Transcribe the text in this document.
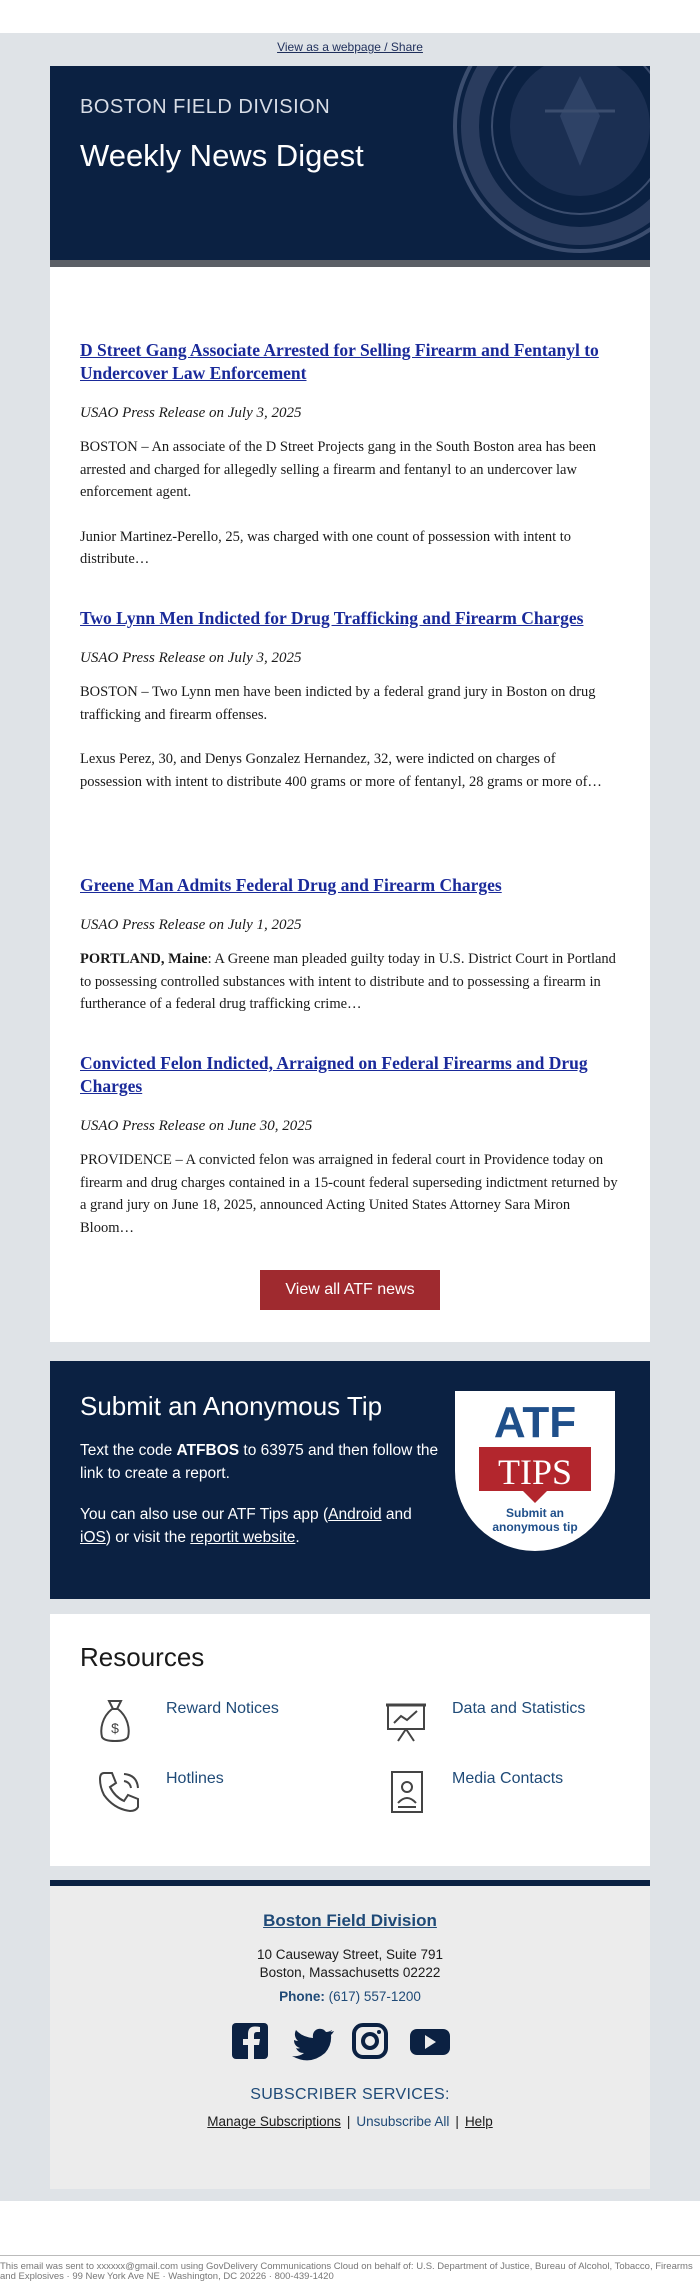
View as a webpage / Share
BOSTON FIELD DIVISION
Weekly News Digest
D Street Gang Associate Arrested for Selling Firearm and Fentanyl to Undercover Law Enforcement
USAO Press Release on July 3, 2025

BOSTON – An associate of the D Street Projects gang in the South Boston area has been arrested and charged for allegedly selling a firearm and fentanyl to an undercover law enforcement agent.

Junior Martinez-Perello, 25, was charged with one count of possession with intent to distribute…

Two Lynn Men Indicted for Drug Trafficking and Firearm Charges
USAO Press Release on July 3, 2025

BOSTON – Two Lynn men have been indicted by a federal grand jury in Boston on drug trafficking and firearm offenses.

Lexus Perez, 30, and Denys Gonzalez Hernandez, 32, were indicted on charges of possession with intent to distribute 400 grams or more of fentanyl, 28 grams or more of…

Greene Man Admits Federal Drug and Firearm Charges
USAO Press Release on July 1, 2025

PORTLAND, Maine: A Greene man pleaded guilty today in U.S. District Court in Portland to possessing controlled substances with intent to distribute and to possessing a firearm in furtherance of a federal drug trafficking crime…

Convicted Felon Indicted, Arraigned on Federal Firearms and Drug Charges
USAO Press Release on June 30, 2025

PROVIDENCE – A convicted felon was arraigned in federal court in Providence today on firearm and drug charges contained in a 15-count federal superseding indictment returned by a grand jury on June 18, 2025, announced Acting United States Attorney Sara Miron Bloom…

View all ATF news
Submit an Anonymous Tip
Text the code ATFBOS to 63975 and then follow the link to create a report.
You can also use our ATF Tips app (Android and iOS) or visit the reportit website.
ATF
TIPS
Submit an
anonymous tip
Resources
$
Reward Notices	Data and Statistics
Hotlines	Media Contacts
Boston Field Division
10 Causeway Street, Suite 791
Boston, Massachusetts 02222
Phone: (617) 557-1200
SUBSCRIBER SERVICES:
Manage Subscriptions | Unsubscribe All | Help
This email was sent to xxxxxx@gmail.com using GovDelivery Communications Cloud on behalf of: U.S. Department of Justice, Bureau of Alcohol, Tobacco, Firearms and Explosives · 99 New York Ave NE · Washington, DC 20226 · 800-439-1420
